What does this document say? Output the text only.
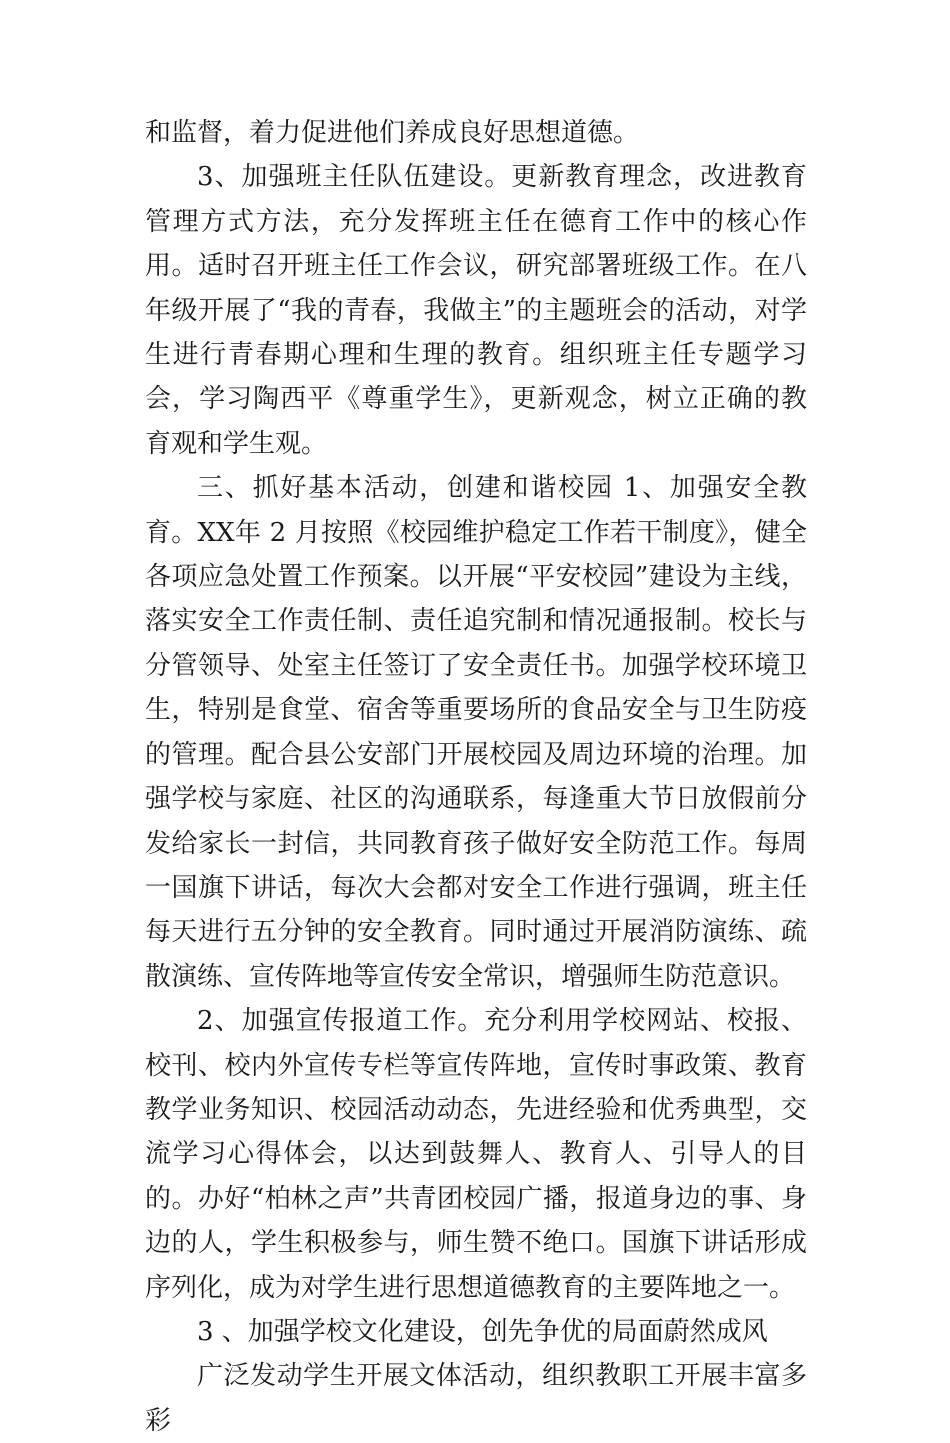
和监督，着力促进他们养成良好思想道德。

3、加强班主任队伍建设。更新教育理念，改进教育管理方式方法，充分发挥班主任在德育工作中的核心作用。适时召开班主任工作会议，研究部署班级工作。在八年级开展了“我的青春，我做主”的主题班会的活动，对学生进行青春期心理和生理的教育。组织班主任专题学习会，学习陶西平《尊重学生》，更新观念，树立正确的教育观和学生观。

三、抓好基本活动，创建和谐校园 1、加强安全教育。XX年 2 月按照《校园维护稳定工作若干制度》，健全各项应急处置工作预案。以开展“平安校园”建设为主线，落实安全工作责任制、责任追究制和情况通报制。校长与分管领导、处室主任签订了安全责任书。加强学校环境卫生，特别是食堂、宿舍等重要场所的食品安全与卫生防疫的管理。配合县公安部门开展校园及周边环境的治理。加强学校与家庭、社区的沟通联系，每逢重大节日放假前分发给家长一封信，共同教育孩子做好安全防范工作。每周一国旗下讲话，每次大会都对安全工作进行强调，班主任每天进行五分钟的安全教育。同时通过开展消防演练、疏散演练、宣传阵地等宣传安全常识，增强师生防范意识。

2、加强宣传报道工作。充分利用学校网站、校报、校刊、校内外宣传专栏等宣传阵地，宣传时事政策、教育教学业务知识、校园活动动态，先进经验和优秀典型，交流学习心得体会，以达到鼓舞人、教育人、引导人的目的。办好“柏林之声”共青团校园广播，报道身边的事、身边的人，学生积极参与，师生赞不绝口。国旗下讲话形成序列化，成为对学生进行思想道德教育的主要阵地之一。

3 、加强学校文化建设，创先争优的局面蔚然成风

广泛发动学生开展文体活动，组织教职工开展丰富多彩
